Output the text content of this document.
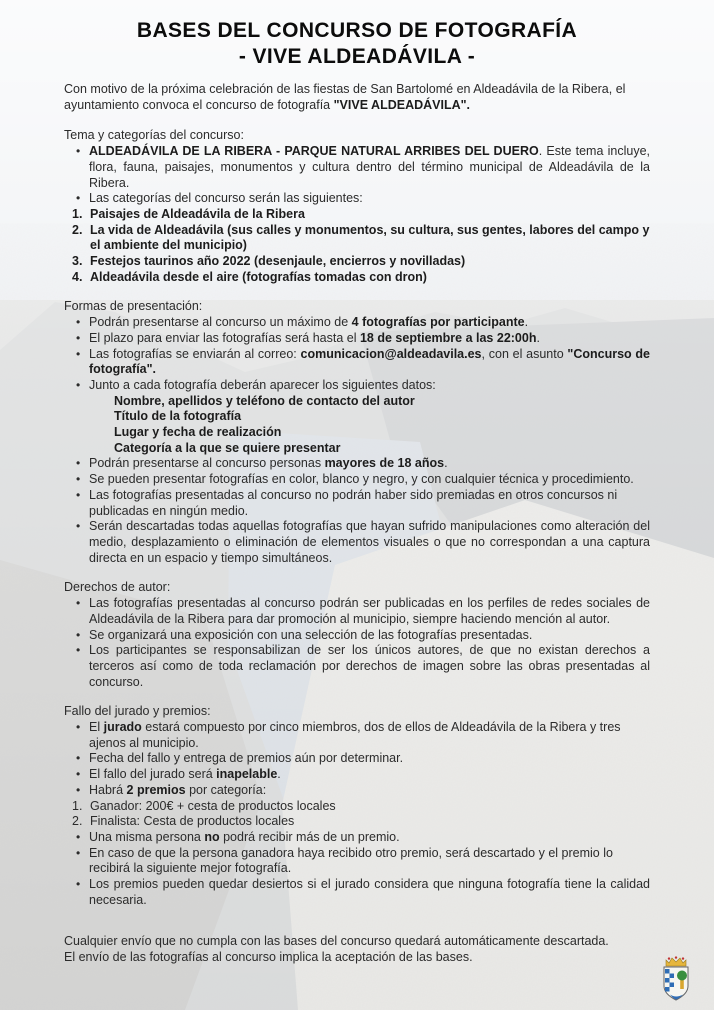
BASES DEL CONCURSO DE FOTOGRAFÍA
- VIVE ALDEADÁVILA -

Con motivo de la próxima celebración de las fiestas de San Bartolomé en Aldeadávila de la Ribera, el ayuntamiento convoca el concurso de fotografía "VIVE ALDEADÁVILA".

Tema y categorías del concurso:

• ALDEADÁVILA DE LA RIBERA - PARQUE NATURAL ARRIBES DEL DUERO. Este tema incluye, flora, fauna, paisajes, monumentos y cultura dentro del término municipal de Aldeadávila de la Ribera.
• Las categorías del concurso serán las siguientes:
Paisajes de Aldeadávila de la Ribera
La vida de Aldeadávila (sus calles y monumentos, su cultura, sus gentes, labores del campo y el ambiente del municipio)
Festejos taurinos año 2022 (desenjaule, encierros y novilladas)
Aldeadávila desde el aire (fotografías tomadas con dron)

Formas de presentación:

• Podrán presentarse al concurso un máximo de 4 fotografías por participante.
• El plazo para enviar las fotografías será hasta el 18 de septiembre a las 22:00h.
• Las fotografías se enviarán al correo: comunicacion@aldeadavila.es, con el asunto "Concurso de fotografía".
• Junto a cada fotografía deberán aparecer los siguientes datos:
Nombre, apellidos y teléfono de contacto del autor
Título de la fotografía
Lugar y fecha de realización
Categoría a la que se quiere presentar
• Podrán presentarse al concurso personas mayores de 18 años.
• Se pueden presentar fotografías en color, blanco y negro, y con cualquier técnica y procedimiento.
• Las fotografías presentadas al concurso no podrán haber sido premiadas en otros concursos ni publicadas en ningún medio.
• Serán descartadas todas aquellas fotografías que hayan sufrido manipulaciones como alteración del medio, desplazamiento o eliminación de elementos visuales o que no correspondan a una captura directa en un espacio y tiempo simultáneos.

Derechos de autor:

• Las fotografías presentadas al concurso podrán ser publicadas en los perfiles de redes sociales de Aldeadávila de la Ribera para dar promoción al municipio, siempre haciendo mención al autor.
• Se organizará una exposición con una selección de las fotografías presentadas.
• Los participantes se responsabilizan de ser los únicos autores, de que no existan derechos a terceros así como de toda reclamación por derechos de imagen sobre las obras presentadas al concurso.

Fallo del jurado y premios:

• El jurado estará compuesto por cinco miembros, dos de ellos de Aldeadávila de la Ribera y tres ajenos al municipio.
• Fecha del fallo y entrega de premios aún por determinar.
• El fallo del jurado será inapelable.
• Habrá 2 premios por categoría:
Ganador: 200€ + cesta de productos locales
Finalista: Cesta de productos locales
• Una misma persona no podrá recibir más de un premio.
• En caso de que la persona ganadora haya recibido otro premio, será descartado y el premio lo recibirá la siguiente mejor fotografía.
• Los premios pueden quedar desiertos si el jurado considera que ninguna fotografía tiene la calidad necesaria.

Cualquier envío que no cumpla con las bases del concurso quedará automáticamente descartada.

El envío de las fotografías al concurso implica la aceptación de las bases.
